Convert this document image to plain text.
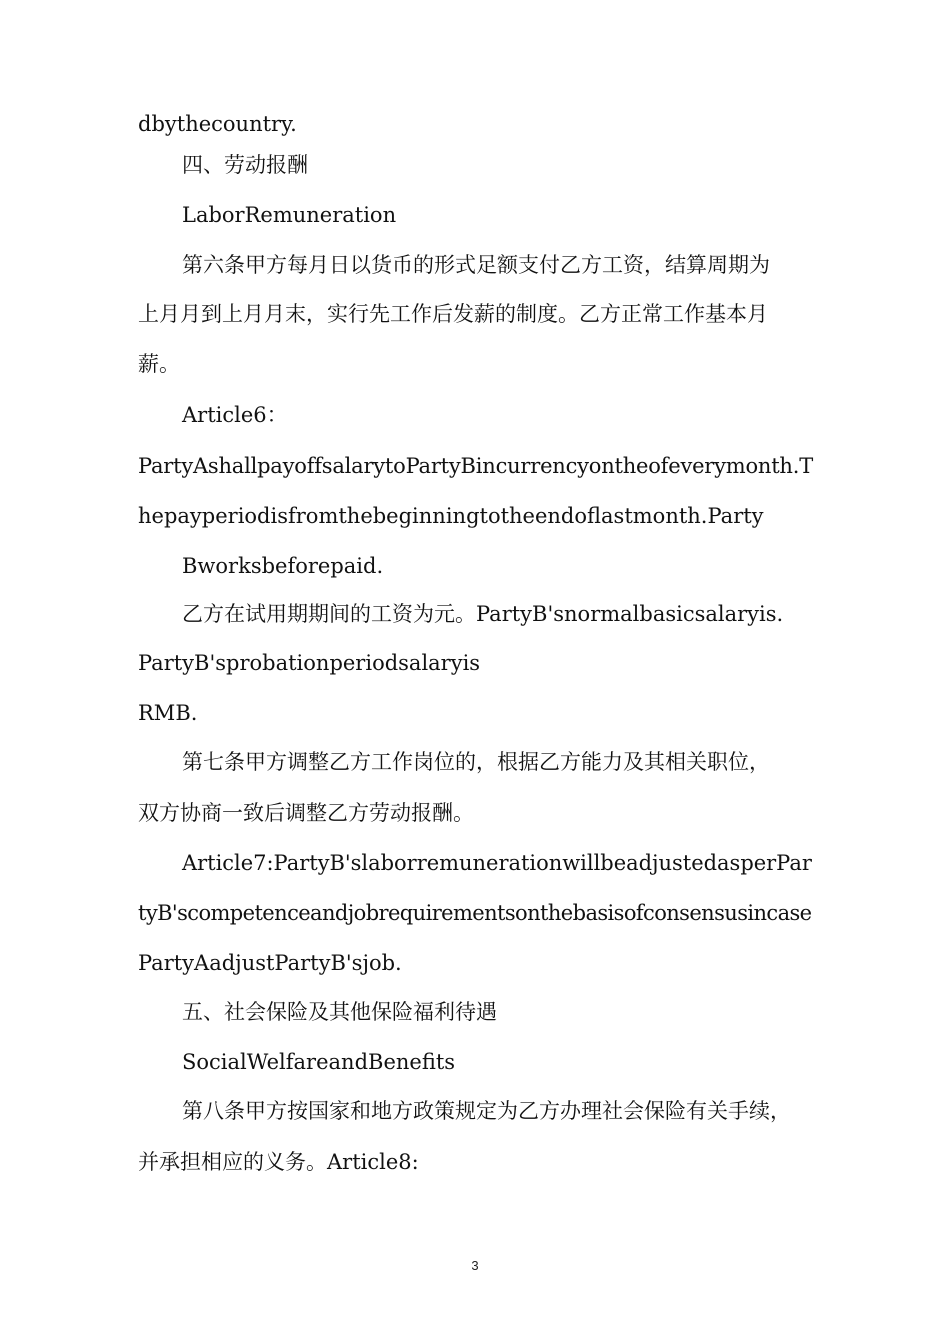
dbythecountry.
四、劳动报酬
LaborRemuneration
第六条甲方每月日以货币的形式足额支付乙方工资，结算周期为
上月月到上月月末，实行先工作后发薪的制度。乙方正常工作基本月
薪。
Article6：
PartyAshallpayoffsalarytoPartyBincurrencyontheofeverymonth.T
hepayperiodisfromthebeginningtotheendoflastmonth.Party
Bworksbeforepaid.
乙方在试用期期间的工资为元。PartyB'snormalbasicsalaryis.
PartyB'sprobationperiodsalaryis
RMB.
第七条甲方调整乙方工作岗位的，根据乙方能力及其相关职位，
双方协商一致后调整乙方劳动报酬。
Article7:PartyB'slaborremunerationwillbeadjustedasperPar
tyB'scompetenceandjobrequirementsonthebasisofconsensusincase
PartyAadjustPartyB'sjob.
五、社会保险及其他保险福利待遇
SocialWelfareandBenefits
第八条甲方按国家和地方政策规定为乙方办理社会保险有关手续，
并承担相应的义务。Article8:
3
